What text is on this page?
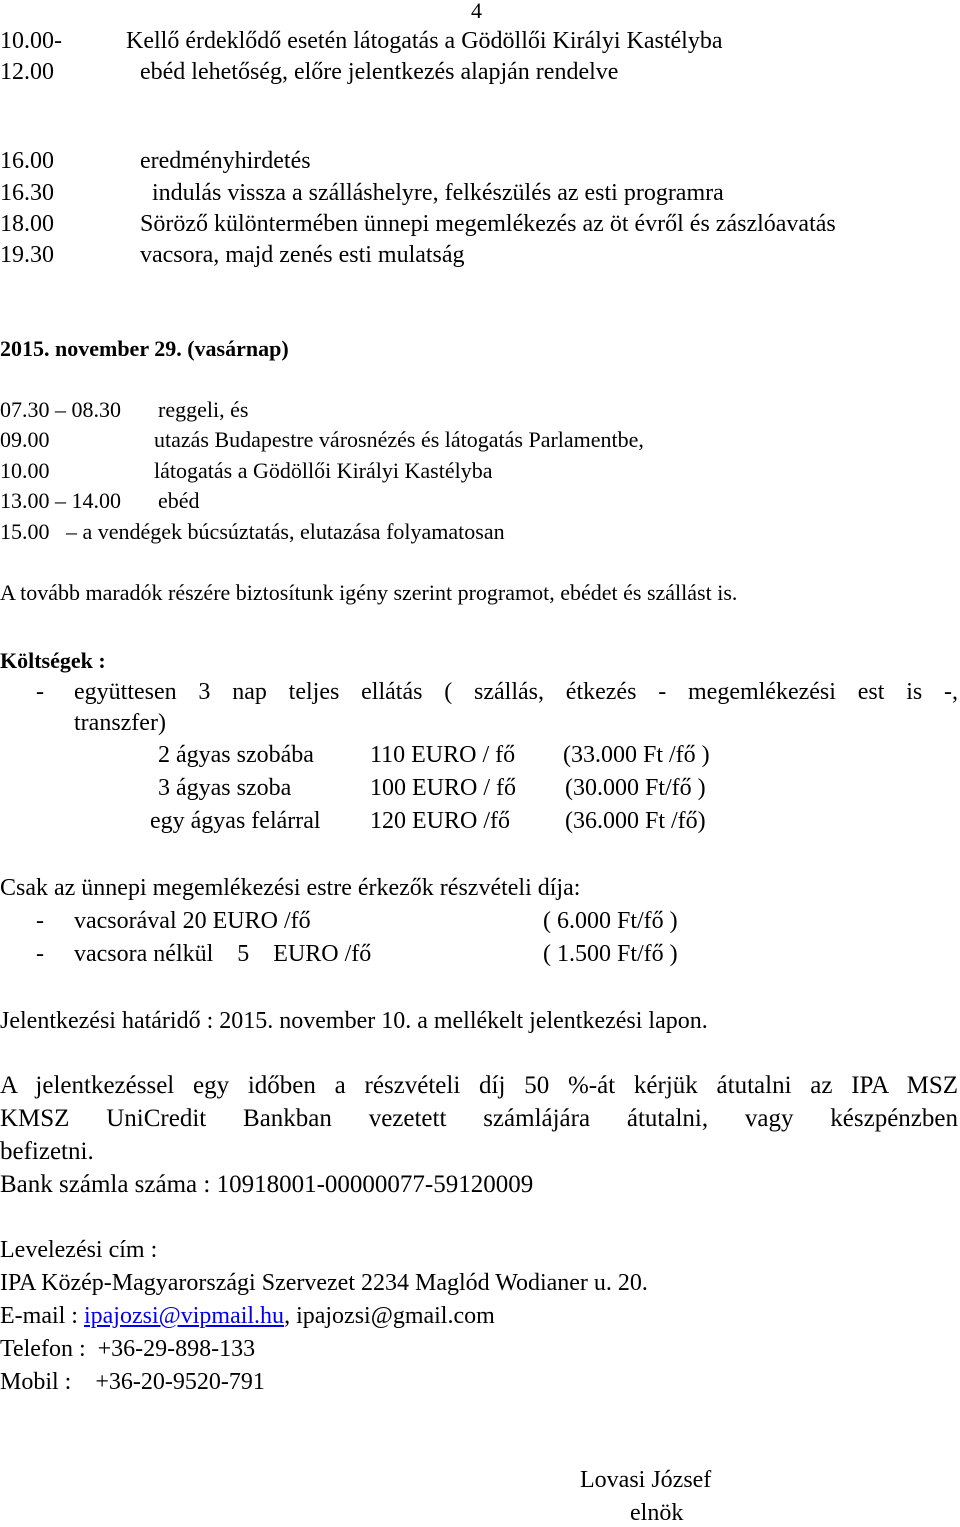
4
10.00-	Kellő érdeklődő esetén látogatás a Gödöllői Királyi Kastélyba
12.00	ebéd lehetőség, előre jelentkezés alapján rendelve
16.00	eredményhirdetés
16.30	indulás vissza a szálláshelyre, felkészülés az esti programra
18.00	Söröző különtermében ünnepi megemlékezés az öt évről és zászlóavatás
19.30	vacsora, majd zenés esti mulatság
2015. november 29. (vasárnap)
07.30 – 08.30 reggeli, és
09.00	utazás Budapestre városnézés és látogatás Parlamentbe,
10.00	látogatás a Gödöllői Királyi Kastélyba
13.00 – 14.00 ebéd
15.00 – a vendégek búcsúztatás, elutazása folyamatosan
A tovább maradók részére biztosítunk igény szerint programot, ebédet és szállást is.
Költségek :
- együttesen 3 nap teljes ellátás ( szállás, étkezés - megemlékezési est is -,
transzfer)
2 ágyas szobába 110 EURO / fő (33.000 Ft /fő )
3 ágyas szoba	100 EURO / fő (30.000 Ft/fő )
egy ágyas felárral 120 EURO /fő (36.000 Ft /fő)
Csak az ünnepi megemlékezési estre érkezők részvételi díja:
- vacsorával 20 EURO /fő	( 6.000 Ft/fő )
- vacsora nélkül    5    EURO /fő	( 1.500 Ft/fő )
Jelentkezési határidő : 2015. november 10. a mellékelt jelentkezési lapon.
A jelentkezéssel egy időben a részvételi díj 50 %-át kérjük átutalni az IPA MSZ
KMSZ UniCredit Bankban vezetett számlájára átutalni, vagy készpénzben
befizetni.
Bank számla száma : 10918001-00000077-59120009
Levelezési cím :
IPA Közép-Magyarországi Szervezet 2234 Maglód Wodianer u. 20.
E-mail : ipajozsi@vipmail.hu, ipajozsi@gmail.com
Telefon :  +36-29-898-133
Mobil :    +36-20-9520-791
Lovasi József
elnök
